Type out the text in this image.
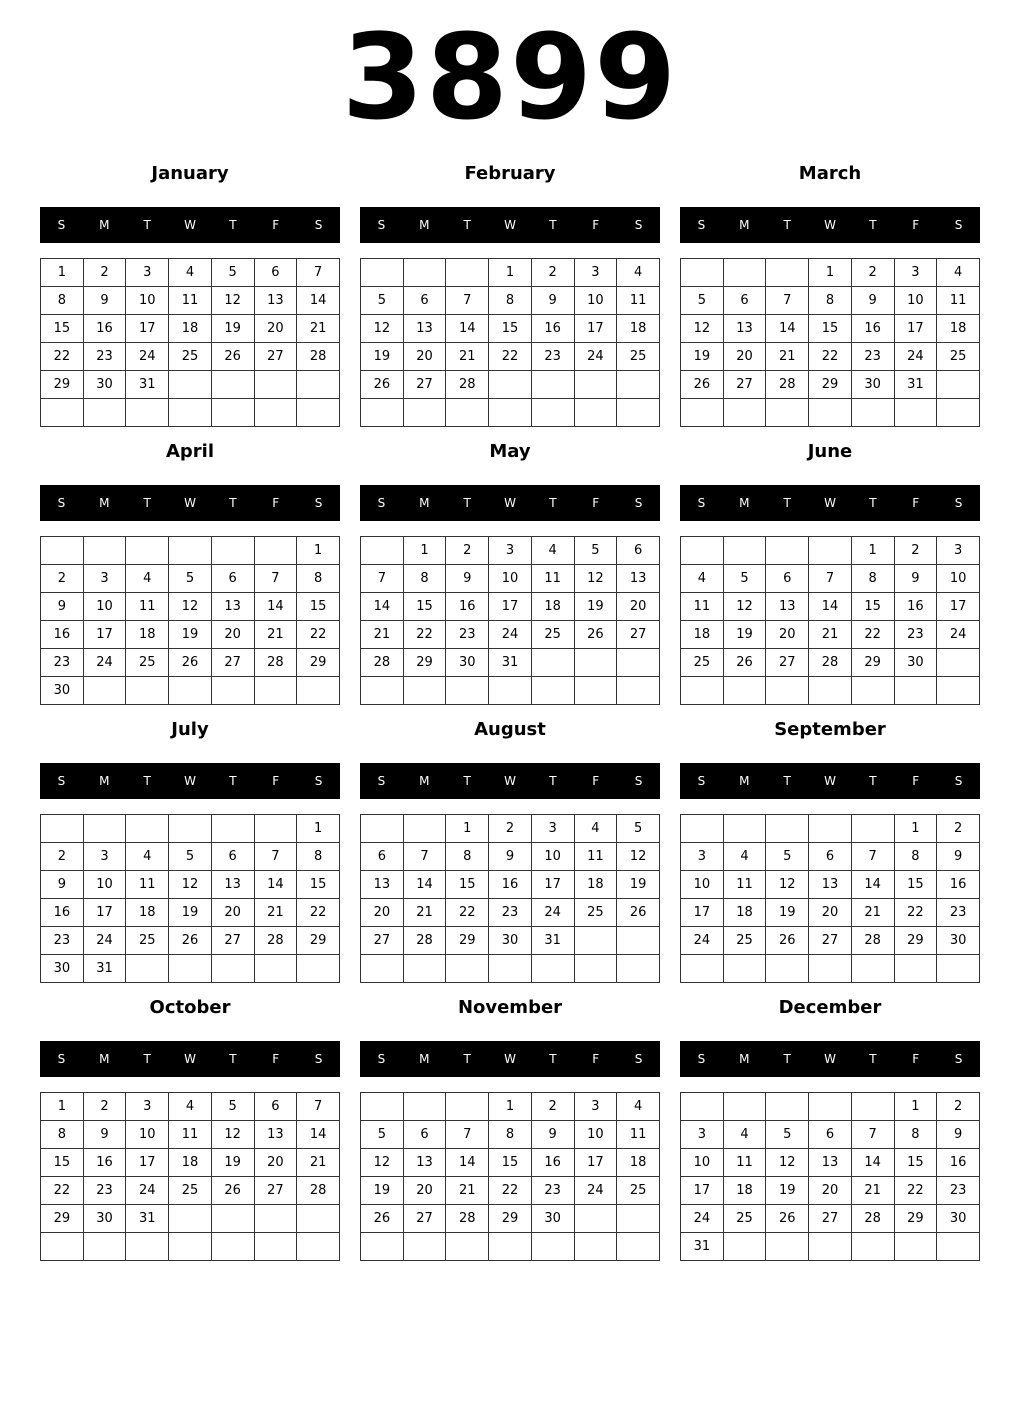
3899
January
S	M	T	W	T	F	S
1	2	3	4	5	6	7
8	9	10	11	12	13	14
15	16	17	18	19	20	21
22	23	24	25	26	27	28
29	30	31				

February
S	M	T	W	T	F	S
			1	2	3	4
5	6	7	8	9	10	11
12	13	14	15	16	17	18
19	20	21	22	23	24	25
26	27	28				

March
S	M	T	W	T	F	S
			1	2	3	4
5	6	7	8	9	10	11
12	13	14	15	16	17	18
19	20	21	22	23	24	25
26	27	28	29	30	31	

April
S	M	T	W	T	F	S
						1
2	3	4	5	6	7	8
9	10	11	12	13	14	15
16	17	18	19	20	21	22
23	24	25	26	27	28	29
30						
May
S	M	T	W	T	F	S
	1	2	3	4	5	6
7	8	9	10	11	12	13
14	15	16	17	18	19	20
21	22	23	24	25	26	27
28	29	30	31			

June
S	M	T	W	T	F	S
				1	2	3
4	5	6	7	8	9	10
11	12	13	14	15	16	17
18	19	20	21	22	23	24
25	26	27	28	29	30	

July
S	M	T	W	T	F	S
						1
2	3	4	5	6	7	8
9	10	11	12	13	14	15
16	17	18	19	20	21	22
23	24	25	26	27	28	29
30	31					
August
S	M	T	W	T	F	S
		1	2	3	4	5
6	7	8	9	10	11	12
13	14	15	16	17	18	19
20	21	22	23	24	25	26
27	28	29	30	31		

September
S	M	T	W	T	F	S
					1	2
3	4	5	6	7	8	9
10	11	12	13	14	15	16
17	18	19	20	21	22	23
24	25	26	27	28	29	30

October
S	M	T	W	T	F	S
1	2	3	4	5	6	7
8	9	10	11	12	13	14
15	16	17	18	19	20	21
22	23	24	25	26	27	28
29	30	31				

November
S	M	T	W	T	F	S
			1	2	3	4
5	6	7	8	9	10	11
12	13	14	15	16	17	18
19	20	21	22	23	24	25
26	27	28	29	30		

December
S	M	T	W	T	F	S
					1	2
3	4	5	6	7	8	9
10	11	12	13	14	15	16
17	18	19	20	21	22	23
24	25	26	27	28	29	30
31						
